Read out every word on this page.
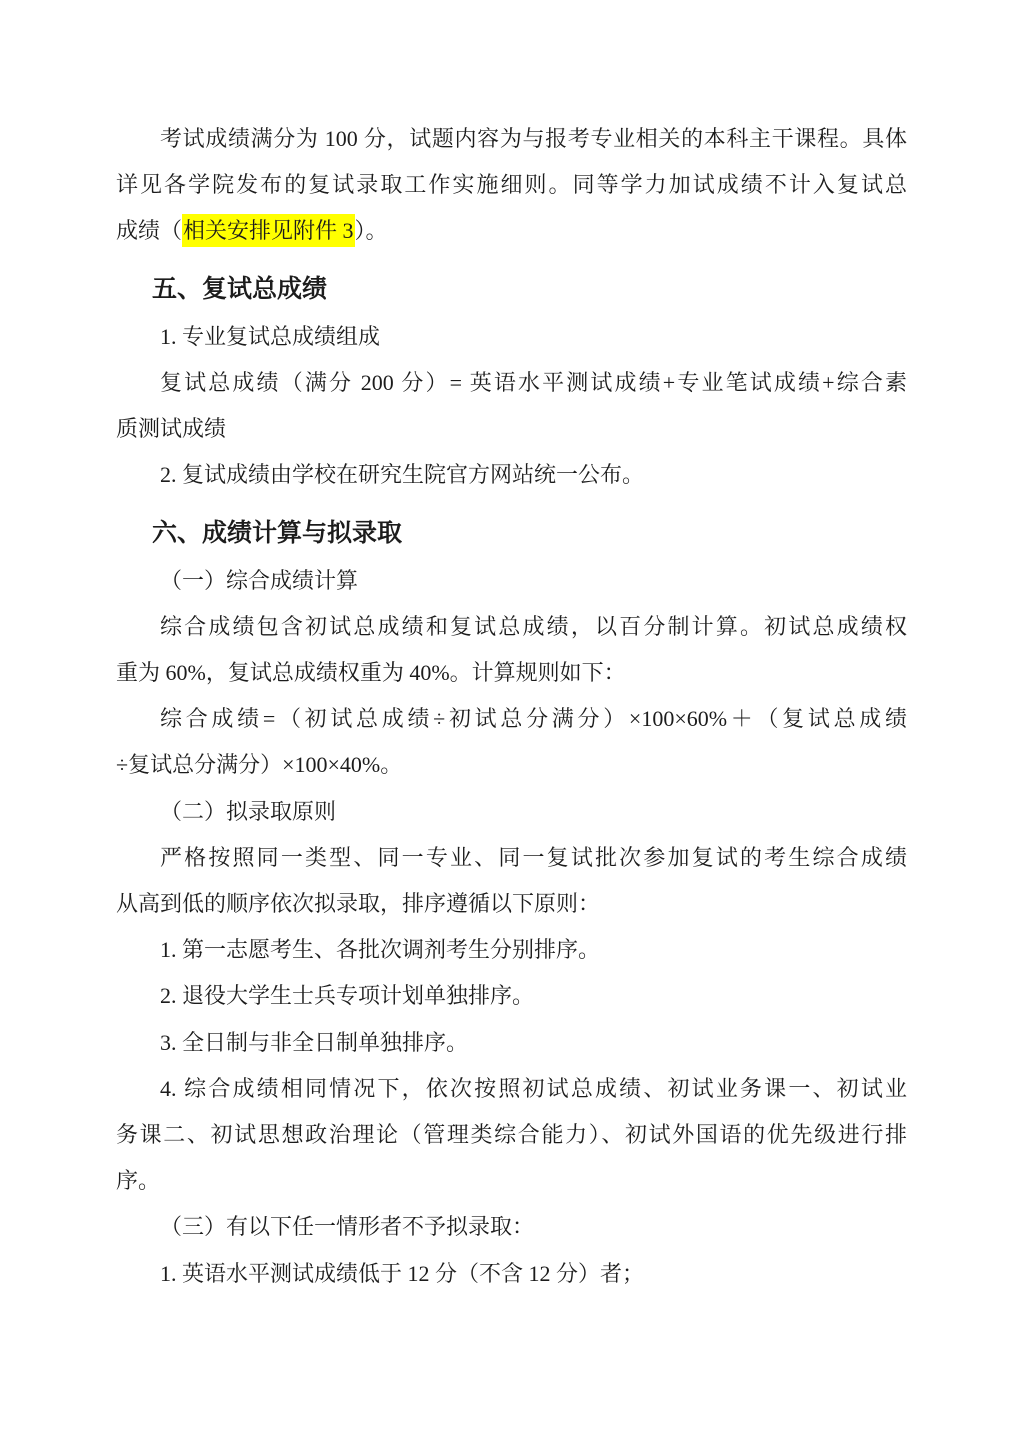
考试成绩满分为 100 分，试题内容为与报考专业相关的本科主干课程。具体
详见各学院发布的复试录取工作实施细则。同等学力加试成绩不计入复试总
成绩（相关安排见附件 3）。
五、复试总成绩
1. 专业复试总成绩组成
复试总成绩（满分 200 分）= 英语水平测试成绩+专业笔试成绩+综合素
质测试成绩
2. 复试成绩由学校在研究生院官方网站统一公布。
六、成绩计算与拟录取
（一）综合成绩计算
综合成绩包含初试总成绩和复试总成绩，以百分制计算。初试总成绩权
重为 60%，复试总成绩权重为 40%。计算规则如下：
综合成绩=（初试总成绩÷初试总分满分）×100×60%＋（复试总成绩
÷复试总分满分）×100×40%。
（二）拟录取原则
严格按照同一类型、同一专业、同一复试批次参加复试的考生综合成绩
从高到低的顺序依次拟录取，排序遵循以下原则：
1. 第一志愿考生、各批次调剂考生分别排序。
2. 退役大学生士兵专项计划单独排序。
3. 全日制与非全日制单独排序。
4. 综合成绩相同情况下，依次按照初试总成绩、初试业务课一、初试业
务课二、初试思想政治理论（管理类综合能力）、初试外国语的优先级进行排
序。
（三）有以下任一情形者不予拟录取：
1. 英语水平测试成绩低于 12 分（不含 12 分）者；
